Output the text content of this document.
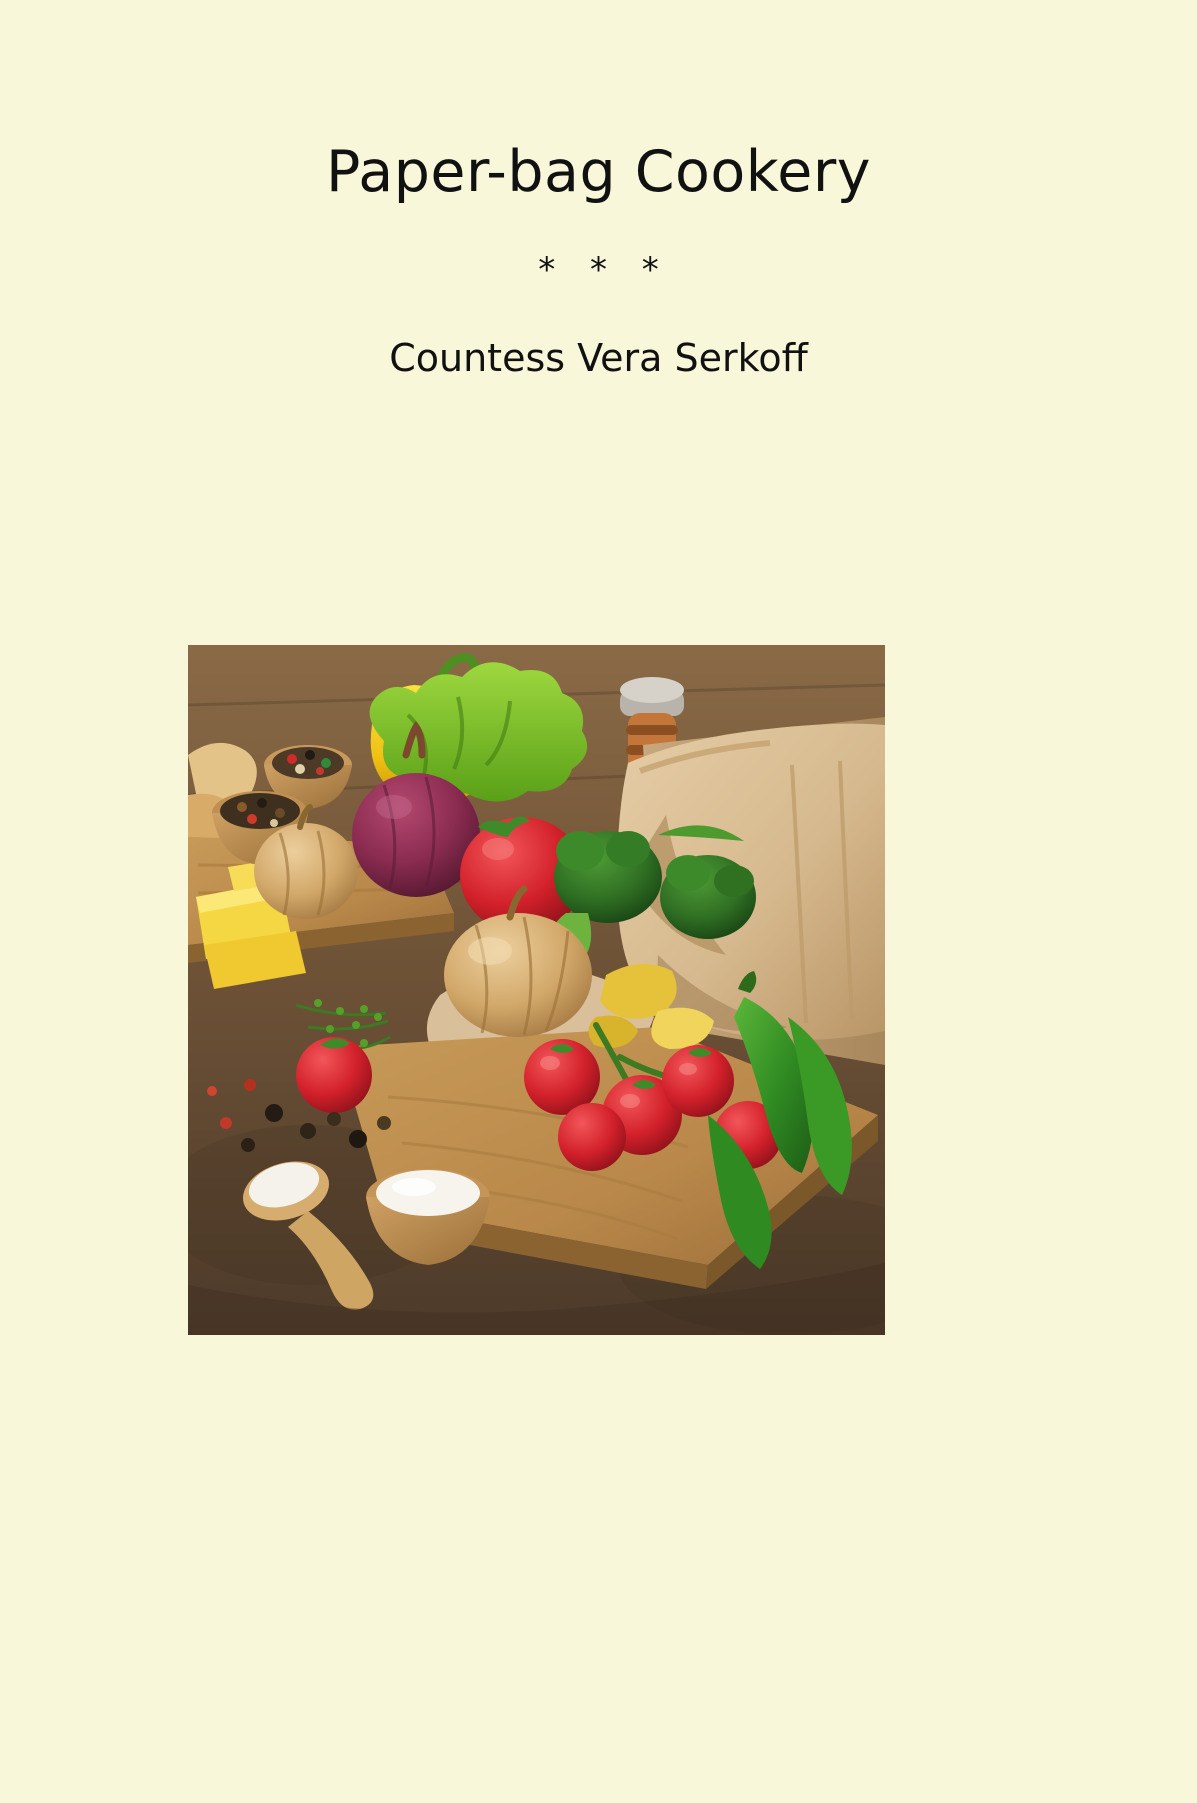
Paper-bag Cookery
* * *
Countess Vera Serkoff
